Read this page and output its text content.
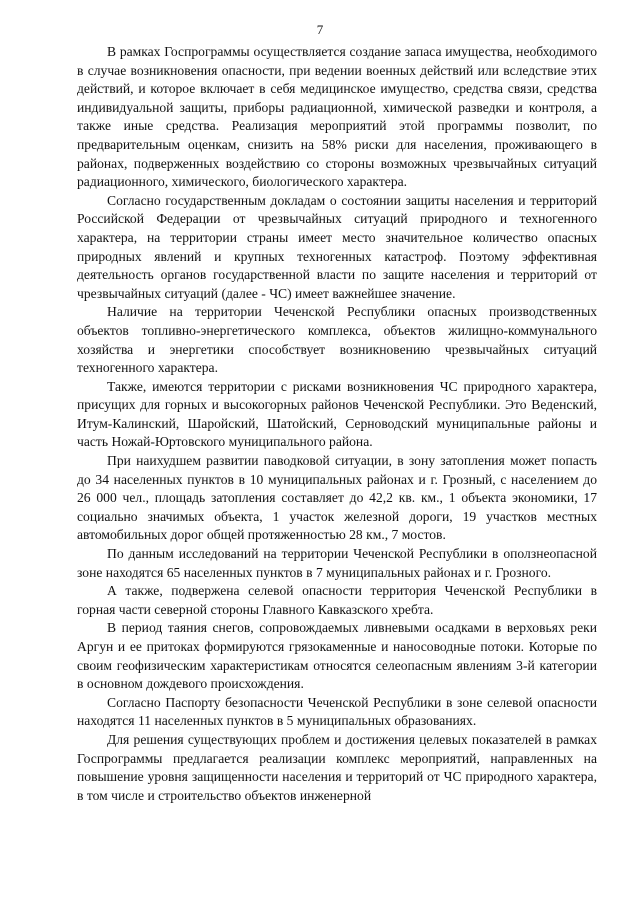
7

В рамках Госпрограммы осуществляется создание запаса имущества, необходимого в случае возникновения опасности, при ведении военных действий или вследствие этих действий, и которое включает в себя медицинское имущество, средства связи, средства индивидуальной защиты, приборы радиационной, химической разведки и контроля, а также иные средства. Реализация мероприятий этой программы позволит, по предварительным оценкам, снизить на 58% риски для населения, проживающего в районах, подверженных воздействию со стороны возможных чрезвычайных ситуаций радиационного, химического, биологического характера.

Согласно государственным докладам о состоянии защиты населения и территорий Российской Федерации от чрезвычайных ситуаций природного и техногенного характера, на территории страны имеет место значительное количество опасных природных явлений и крупных техногенных катастроф. Поэтому эффективная деятельность органов государственной власти по защите населения и территорий от чрезвычайных ситуаций (далее - ЧС) имеет важнейшее значение.

Наличие на территории Чеченской Республики опасных производственных объектов топливно-энергетического комплекса, объектов жилищно-коммунального хозяйства и энергетики способствует возникновению чрезвычайных ситуаций техногенного характера.

Также, имеются территории с рисками возникновения ЧС природного характера, присущих для горных и высокогорных районов Чеченской Республики. Это Веденский, Итум-Калинский, Шаройский, Шатойский, Серноводский муниципальные районы и часть Ножай-Юртовского муниципального района.

При наихудшем развитии паводковой ситуации, в зону затопления может попасть до 34 населенных пунктов в 10 муниципальных районах и г. Грозный, с населением до 26 000 чел., площадь затопления составляет до 42,2 кв. км., 1 объекта экономики, 17 социально значимых объекта, 1 участок железной дороги, 19 участков местных автомобильных дорог общей протяженностью 28 км., 7 мостов.

По данным исследований на территории Чеченской Республики в оползнеопасной зоне находятся 65 населенных пунктов в 7 муниципальных районах и г. Грозного.

А также, подвержена селевой опасности территория Чеченской Республики в горная части северной стороны Главного Кавказского хребта.

В период таяния снегов, сопровождаемых ливневыми осадками в верховьях реки Аргун и ее притоках формируются грязокаменные и наносоводные потоки. Которые по своим геофизическим характеристикам относятся селеопасным явлениям 3-й категории в основном дождевого происхождения.

Согласно Паспорту безопасности Чеченской Республики в зоне селевой опасности находятся 11 населенных пунктов в 5 муниципальных образованиях.

Для решения существующих проблем и достижения целевых показателей в рамках Госпрограммы предлагается реализации комплекс мероприятий, направленных на повышение уровня защищенности населения и территорий от ЧС природного характера, в том числе и строительство объектов инженерной
